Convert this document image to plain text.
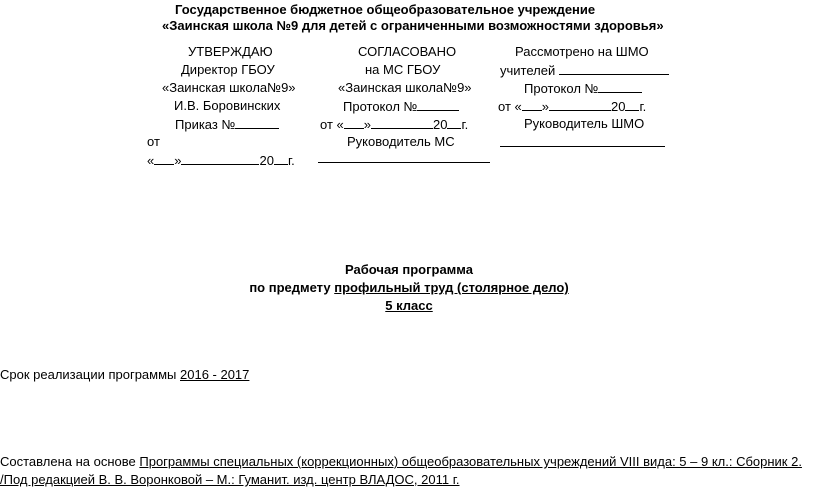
Государственное бюджетное общеобразовательное учреждение
«Заинская школа №9 для детей с ограниченными возможностями здоровья»
УТВЕРЖДАЮ
Директор ГБОУ
«Заинская школа№9»
И.В. Боровинских
Приказ №
от
« »	20 г.
СОГЛАСОВАНО
на МС ГБОУ
«Заинская школа№9»
Протокол №
от « »	20 г.
Руководитель МС
Рассмотрено на ШМО
учителей
Протокол №
от « »	20 г.
Руководитель ШМО
Рабочая программа
по предмету профильный труд (столярное дело)
5 класс
Срок реализации программы 2016 - 2017
Составлена на основе Программы специальных (коррекционных) общеобразовательных учреждений VIII вида: 5 – 9 кл.: Сборник 2.
/Под редакцией В. В. Воронковой – М.: Гуманит. изд. центр ВЛАДОС, 2011 г.
